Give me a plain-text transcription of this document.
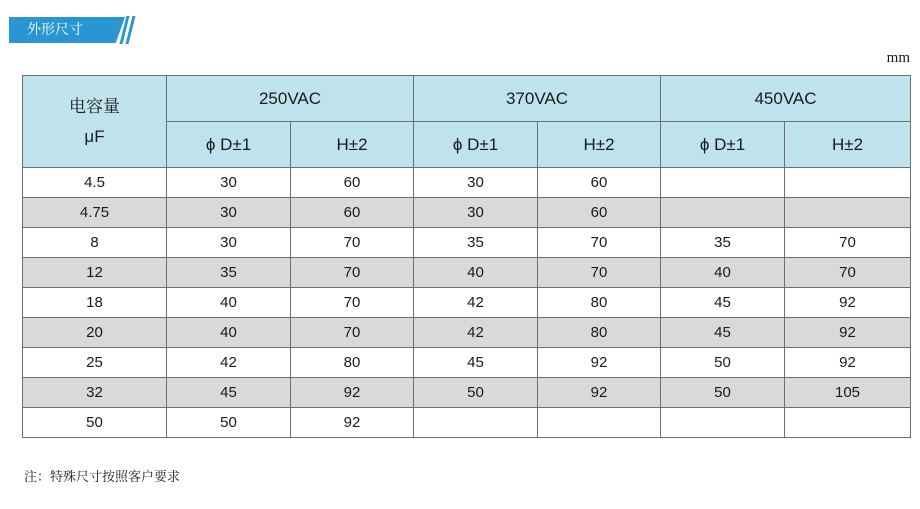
外形尺寸
mm
电容量
μF	250VAC		370VAC		450VAC	
	ϕ D±1	H±2	ϕ D±1	H±2	ϕ D±1	H±2
4.5	30	60	30	60		
4.75	30	60	30	60		
8	30	70	35	70	35	70
12	35	70	40	70	40	70
18	40	70	42	80	45	92
20	40	70	42	80	45	92
25	42	80	45	92	50	92
32	45	92	50	92	50	105
50	50	92				
注：特殊尺寸按照客户要求
